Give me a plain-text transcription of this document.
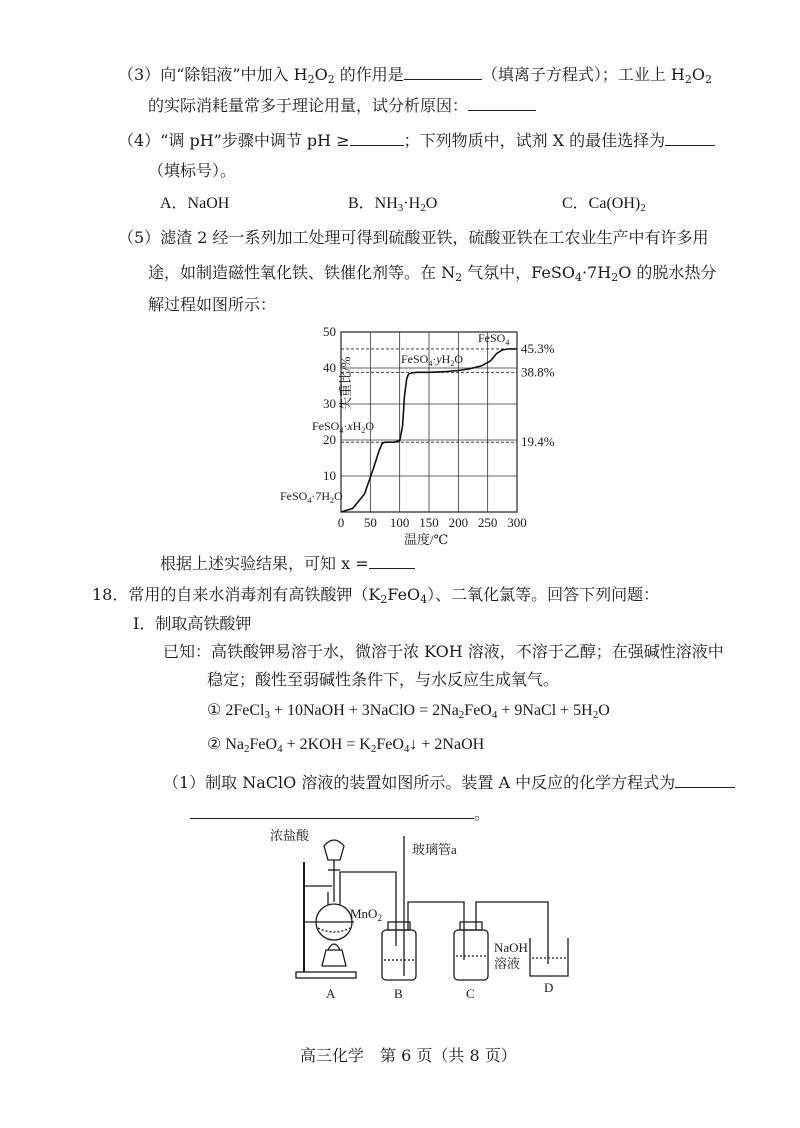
（3）向“除铝液”中加入 $H_2O_2$ 的作用是	（填离子方程式）；工业上 $H_2O_2$
的实际消耗量常多于理论用量，试分析原因：
（4）“调 pH”步骤中调节 pH ≥	；下列物质中，试剂 X 的最佳选择为
（填标号）。
A．NaOH	B．$NH_3\cdot H_2O$	C．$Ca(OH)_2$
（5）滤渣 2 经一系列加工处理可得到硫酸亚铁，硫酸亚铁在工农业生产中有许多用
途，如制造磁性氧化铁、铁催化剂等。在 $N_2$ 气氛中，$FeSO_4\cdot 7H_2O$ 的脱水热分
解过程如图所示：
10
20
30
40
50
0 50 100 150 200 250 300
45.3%
38.8%
19.4%
失重比/%
温度/℃
FeSO$_4$
$FeSO_4\cdot yH_2O$
$FeSO_4\cdot xH_2O$
$FeSO_4\cdot 7H_2O$
根据上述实验结果，可知 x =
18．常用的自来水消毒剂有高铁酸钾$(K_2FeO_4)$、二氧化氯等。回答下列问题：
Ⅰ．制取高铁酸钾
已知：高铁酸钾易溶于水，微溶于浓 KOH 溶液，不溶于乙醇；在强碱性溶液中
稳定；酸性至弱碱性条件下，与水反应生成氧气。
① 2FeCl$_3$ + 10NaOH + 3NaClO = $2Na_2FeO_4$ + 9NaCl + $5H_2O$
② $Na_2FeO_4 + 2KOH$ = $K_2FeO_4↓$ + 2NaOH
（1）制取 NaClO 溶液的装置如图所示。装置 A 中反应的化学方程式为
。
浓盐酸
玻璃管a
MnO$_2$
NaOH
溶液
A	B	C	D
高三化学　第 6 页（共 8 页）
